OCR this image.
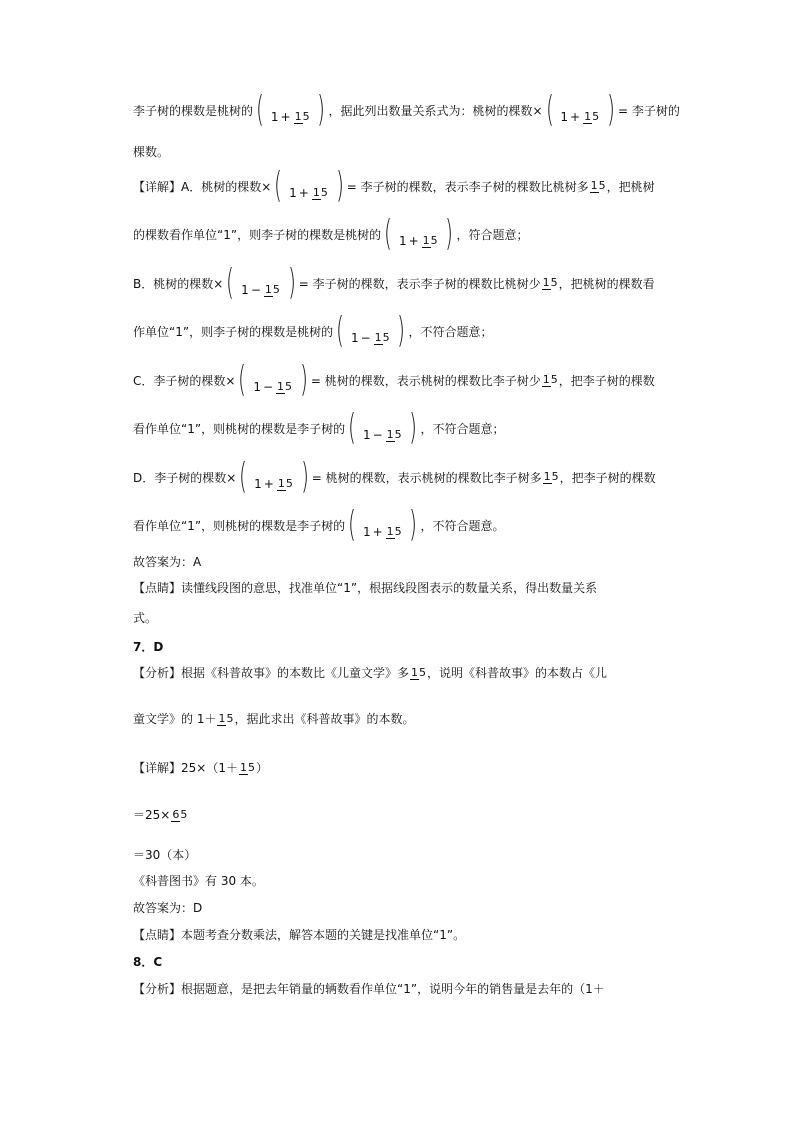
李子树的棵数是桃树的 ( 1 + 15 ) ，据此列出数量关系式为：桃树的棵数× ( 1 + 15 ) = 李子树的
棵数。
【详解】A．桃树的棵数× ( 1 + 15 ) = 李子树的棵数，表示李子树的棵数比桃树多 15 ，把桃树
的棵数看作单位“1”，则李子树的棵数是桃树的 ( 1 + 15 ) ，符合题意；
B．桃树的棵数× ( 1 − 15 ) = 李子树的棵数，表示李子树的棵数比桃树少 15 ，把桃树的棵数看
作单位“1”，则李子树的棵数是桃树的 ( 1 − 15 ) ，不符合题意；
C．李子树的棵数× ( 1 − 15 ) = 桃树的棵数，表示桃树的棵数比李子树少 15 ，把李子树的棵数
看作单位“1”，则桃树的棵数是李子树的 ( 1 − 15 ) ，不符合题意；
D．李子树的棵数× ( 1 + 15 ) = 桃树的棵数，表示桃树的棵数比李子树多 15 ，把李子树的棵数
看作单位“1”，则桃树的棵数是李子树的 ( 1 + 15 ) ，不符合题意。
故答案为：A
【点睛】读懂线段图的意思，找准单位“1”，根据线段图表示的数量关系，得出数量关系
式。
7．D
【分析】根据《科普故事》的本数比《儿童文学》多 15 ，说明《科普故事》的本数占《儿
童文学》的 1＋ 15 ，据此求出《科普故事》的本数。
【详解】25×（1＋ 15 ）
＝25× 65
＝30（本）
《科普图书》有 30 本。
故答案为：D
【点睛】本题考查分数乘法，解答本题的关键是找准单位“1”。
8．C
【分析】根据题意，是把去年销量的辆数看作单位“1”，说明今年的销售量是去年的（1＋
